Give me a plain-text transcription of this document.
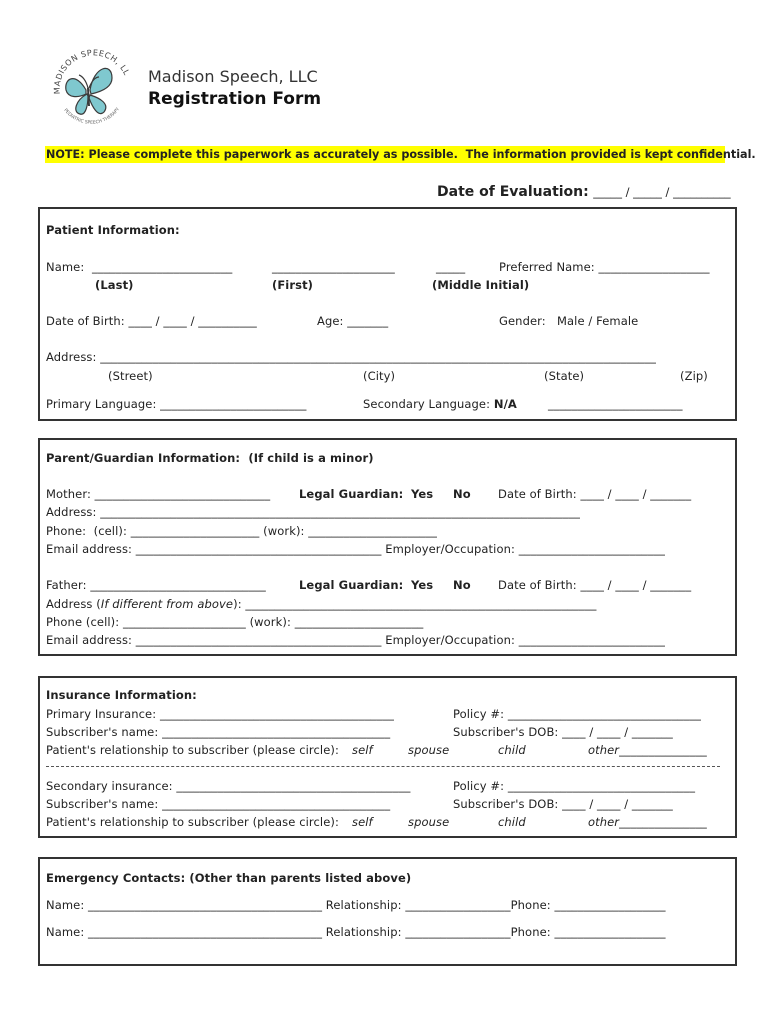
MADISON SPEECH, LL
PEDIATRIC SPEECH THERAPY
Madison Speech, LLC
Registration Form
NOTE: Please complete this paperwork as accurately as possible.  The information provided is kept confidential.
Date of Evaluation: _____ / _____ / __________
Patient Information:
Name: ________________________	_____________________	_____	Preferred Name: ___________________
(Last)	(First)	(Middle Initial)
Date of Birth: ____ / ____ / __________	Age: _______	Gender:   Male / Female
Address: _______________________________________________________________________________________________
(Street)	(City)	(State)	(Zip)
Primary Language: _________________________	Secondary Language: N/A	_______________________
Parent/Guardian Information:  (If child is a minor)
Mother: ______________________________	Legal Guardian: Yes No Date of Birth: ____ / ____ / _______
Address: __________________________________________________________________________________
Phone:  (cell): ______________________ (work): ______________________
Email address: __________________________________________ Employer/Occupation: _________________________
Father: ______________________________	Legal Guardian: Yes No Date of Birth: ____ / ____ / _______
Address (If different from above): ____________________________________________________________
Phone (cell): _____________________ (work): ______________________
Email address: __________________________________________ Employer/Occupation: _________________________
Insurance Information:
Primary Insurance: ________________________________________	Policy #: _________________________________
Subscriber's name: _______________________________________	Subscriber's DOB: ____ / ____ / _______
Patient's relationship to subscriber (please circle): self	spouse	child	other_______________
Secondary insurance: ________________________________________	Policy #: ________________________________
Subscriber's name: _______________________________________	Subscriber's DOB: ____ / ____ / _______
Patient's relationship to subscriber (please circle): self	spouse	child	other_______________
Emergency Contacts: (Other than parents listed above)
Name: ________________________________________ Relationship: __________________Phone: ___________________
Name: ________________________________________ Relationship: __________________Phone: ___________________
